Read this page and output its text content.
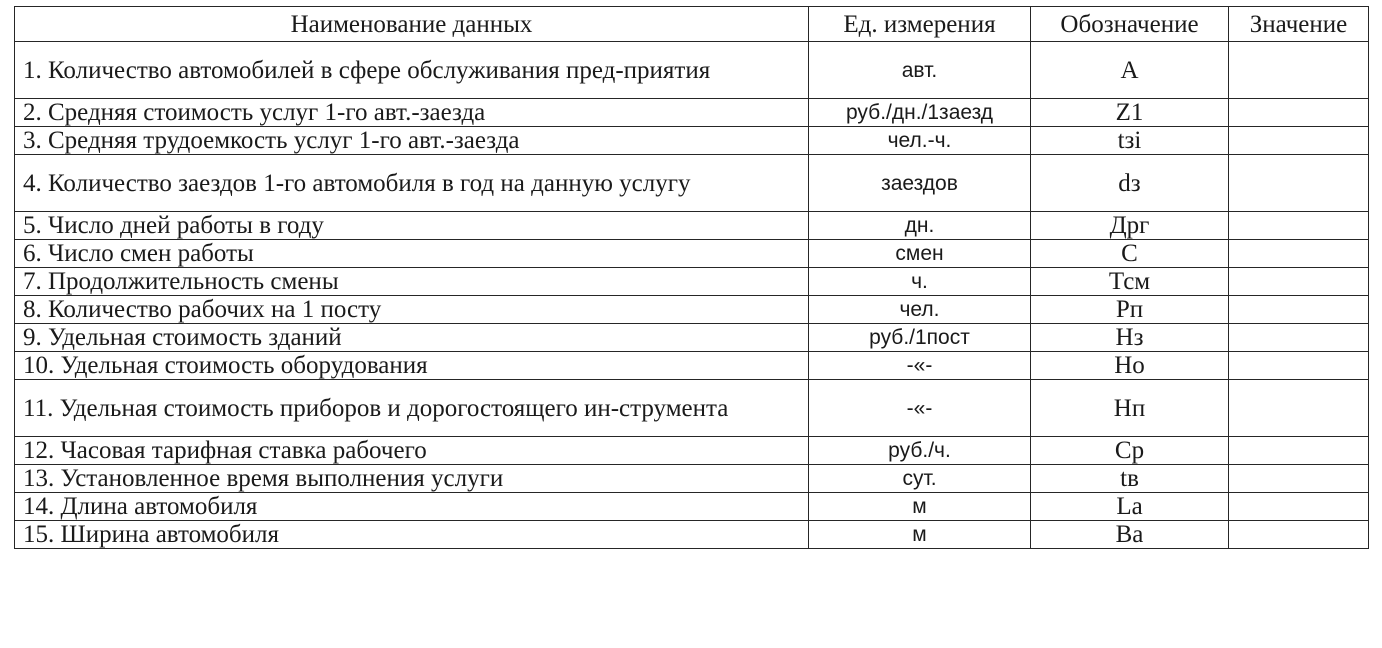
Наименование данных	Ед. измерения	Обозначение	Значение
1. Количество автомобилей в сфере обслуживания пред-приятия	авт.	А	
2. Средняя стоимость услуг 1-го авт.-заезда	руб./дн./1заезд	Z1	
3. Средняя трудоемкость услуг 1-го авт.-заезда	чел.-ч.	tзi	
4. Количество заездов 1-го автомобиля в год на данную услугу	заездов	dз	
5. Число дней работы в году	дн.	Дрг	
6. Число смен работы	смен	С	
7. Продолжительность смены	ч.	Тсм	
8. Количество рабочих на 1 посту	чел.	Рп	
9. Удельная стоимость зданий	руб./1пост	Нз	
10. Удельная стоимость оборудования	-«-	Но	
11. Удельная стоимость приборов и дорогостоящего ин-струмента	-«-	Нп	
12. Часовая тарифная ставка рабочего	руб./ч.	Ср	
13. Установленное время выполнения услуги	сут.	tв	
14. Длина автомобиля	м	La	
15. Ширина автомобиля	м	Ва	
